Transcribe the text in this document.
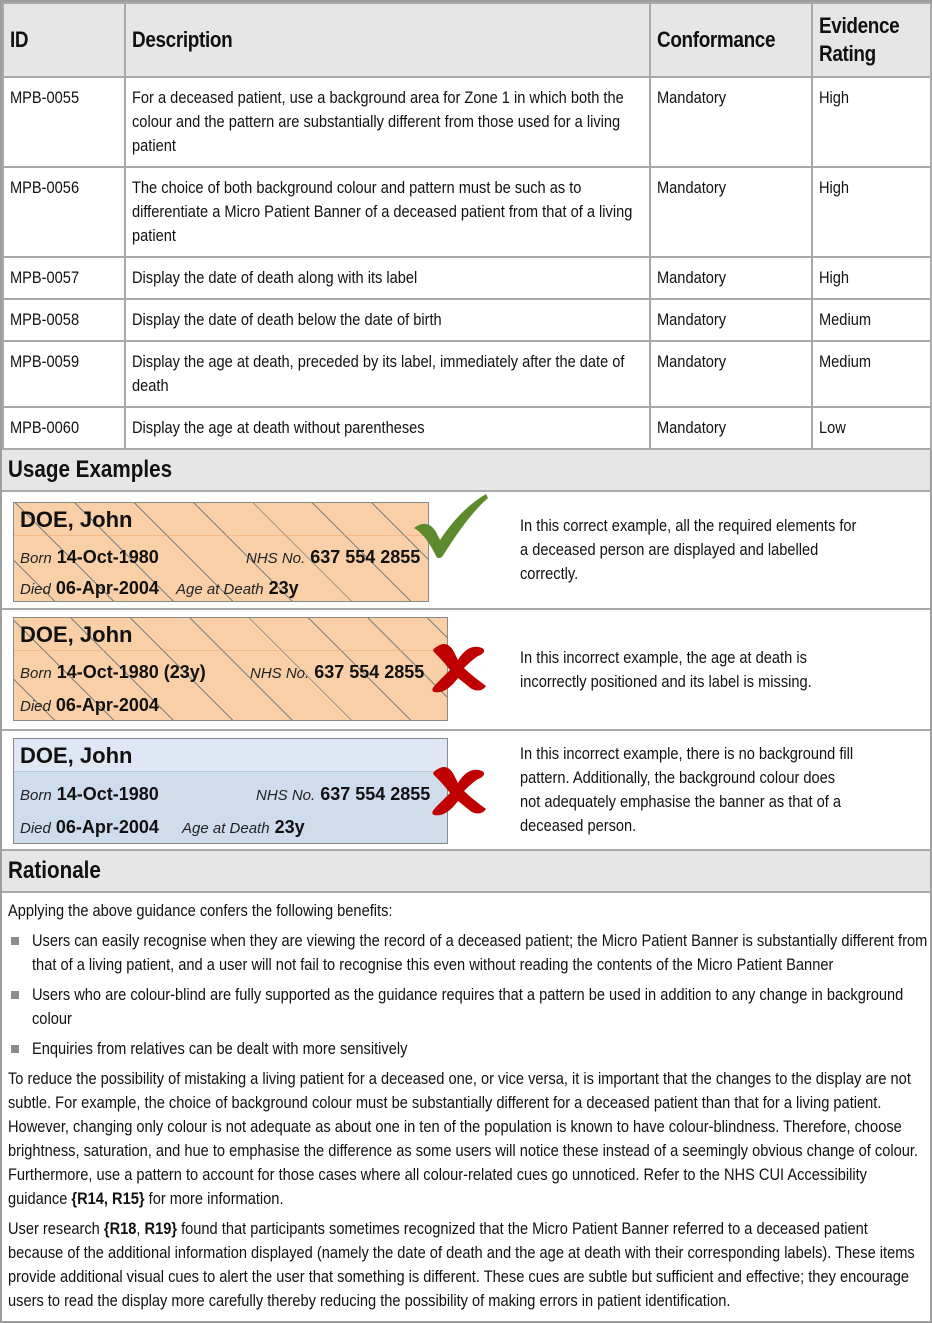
ID	Description	Conformance	Evidence
Rating
MPB-0055	For a deceased patient, use a background area for Zone 1 in which both the colour and the pattern are substantially different from those used for a living patient	Mandatory	High
MPB-0056	The choice of both background colour and pattern must be such as to differentiate a Micro Patient Banner of a deceased patient from that of a living patient	Mandatory	High
MPB-0057	Display the date of death along with its label	Mandatory	High
MPB-0058	Display the date of death below the date of birth	Mandatory	Medium
MPB-0059	Display the age at death, preceded by its label, immediately after the date of death	Mandatory	Medium
MPB-0060	Display the age at death without parentheses	Mandatory	Low
Usage Examples
DOE, John
Born 14-Oct-1980	NHS No. 637 554 2855
Died 06-Apr-2004 Age at Death 23y
In this correct example, all the required elements for a deceased person are displayed and labelled correctly.
DOE, John
Born 14-Oct-1980 (23y)	NHS No. 637 554 2855
Died 06-Apr-2004
In this incorrect example, the age at death is incorrectly positioned and its label is missing.
DOE, John
Born 14-Oct-1980	NHS No. 637 554 2855
Died 06-Apr-2004 Age at Death 23y
In this incorrect example, there is no background fill pattern. Additionally, the background colour does not adequately emphasise the banner as that of a deceased person.
Rationale

Applying the above guidance confers the following benefits:

Users can easily recognise when they are viewing the record of a deceased patient; the Micro Patient Banner is substantially different from that of a living patient, and a user will not fail to recognise this even without reading the contents of the Micro Patient Banner
Users who are colour-blind are fully supported as the guidance requires that a pattern be used in addition to any change in background colour
Enquiries from relatives can be dealt with more sensitively

To reduce the possibility of mistaking a living patient for a deceased one, or vice versa, it is important that the changes to the display are not subtle. For example, the choice of background colour must be substantially different for a deceased patient than that for a living patient. However, changing only colour is not adequate as about one in ten of the population is known to have colour-blindness. Therefore, choose brightness, saturation, and hue to emphasise the difference as some users will notice these instead of a seemingly obvious change of colour. Furthermore, use a pattern to account for those cases where all colour-related cues go unnoticed. Refer to the NHS CUI Accessibility guidance {R14, R15} for more information.

User research {R18, R19} found that participants sometimes recognized that the Micro Patient Banner referred to a deceased patient because of the additional information displayed (namely the date of death and the age at death with their corresponding labels). These items provide additional visual cues to alert the user that something is different. These cues are subtle but sufficient and effective; they encourage users to read the display more carefully thereby reducing the possibility of making errors in patient identification.
